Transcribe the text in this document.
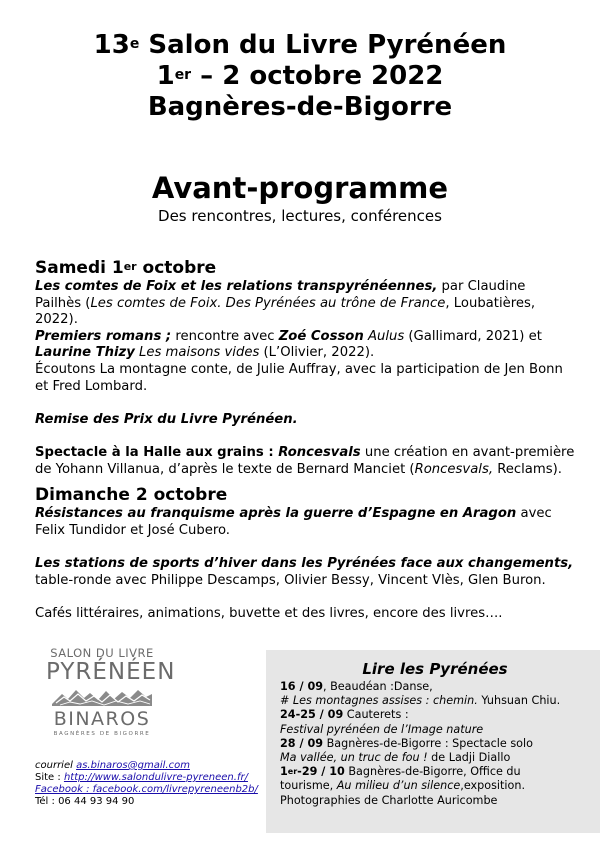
13e Salon du Livre Pyrénéen
1er – 2 octobre 2022
Bagnères-de-Bigorre
Avant-programme
Des rencontres, lectures, conférences

Samedi 1er octobre

Les comtes de Foix et les relations transpyrénéennes, par Claudine Pailhès (Les comtes de Foix. Des Pyrénées au trône de France, Loubatières, 2022).

Premiers romans ; rencontre avec Zoé Cosson Aulus (Gallimard, 2021) et
Laurine Thizy Les maisons vides (L’Olivier, 2022).

Écoutons La montagne conte, de Julie Auffray, avec la participation de Jen Bonn et Fred Lombard.

Remise des Prix du Livre Pyrénéen.

Spectacle à la Halle aux grains : Roncesvals une création en avant-première de Yohann Villanua, d’après le texte de Bernard Manciet (Roncesvals, Reclams).

Dimanche 2 octobre

Résistances au franquisme après la guerre d’Espagne en Aragon avec Felix Tundidor et José Cubero.

Les stations de sports d’hiver dans les Pyrénées face aux changements, table-ronde avec Philippe Descamps, Olivier Bessy, Vincent Vlès, Glen Buron.

Cafés littéraires, animations, buvette et des livres, encore des livres….

SALON DU LIVRE
PYRÉNÉEN
BINAROS
BAGNÈRES DE BIGORRE
courriel as.binaros@gmail.com
Site : http://www.salondulivre-pyreneen.fr/
Facebook : facebook.com/livrepyreneenb2b/
Tél : 06 44 93 94 90
Lire les Pyrénées
16 / 09, Beaudéan :Danse,
# Les montagnes assises : chemin. Yuhsuan Chiu.
24-25 / 09 Cauterets :
Festival pyrénéen de l’Image nature
28 / 09 Bagnères-de-Bigorre : Spectacle solo
Ma vallée, un truc de fou ! de Ladji Diallo
1er-29 / 10 Bagnères-de-Bigorre, Office du
tourisme, Au milieu d’un silence,exposition.
Photographies de Charlotte Auricombe
